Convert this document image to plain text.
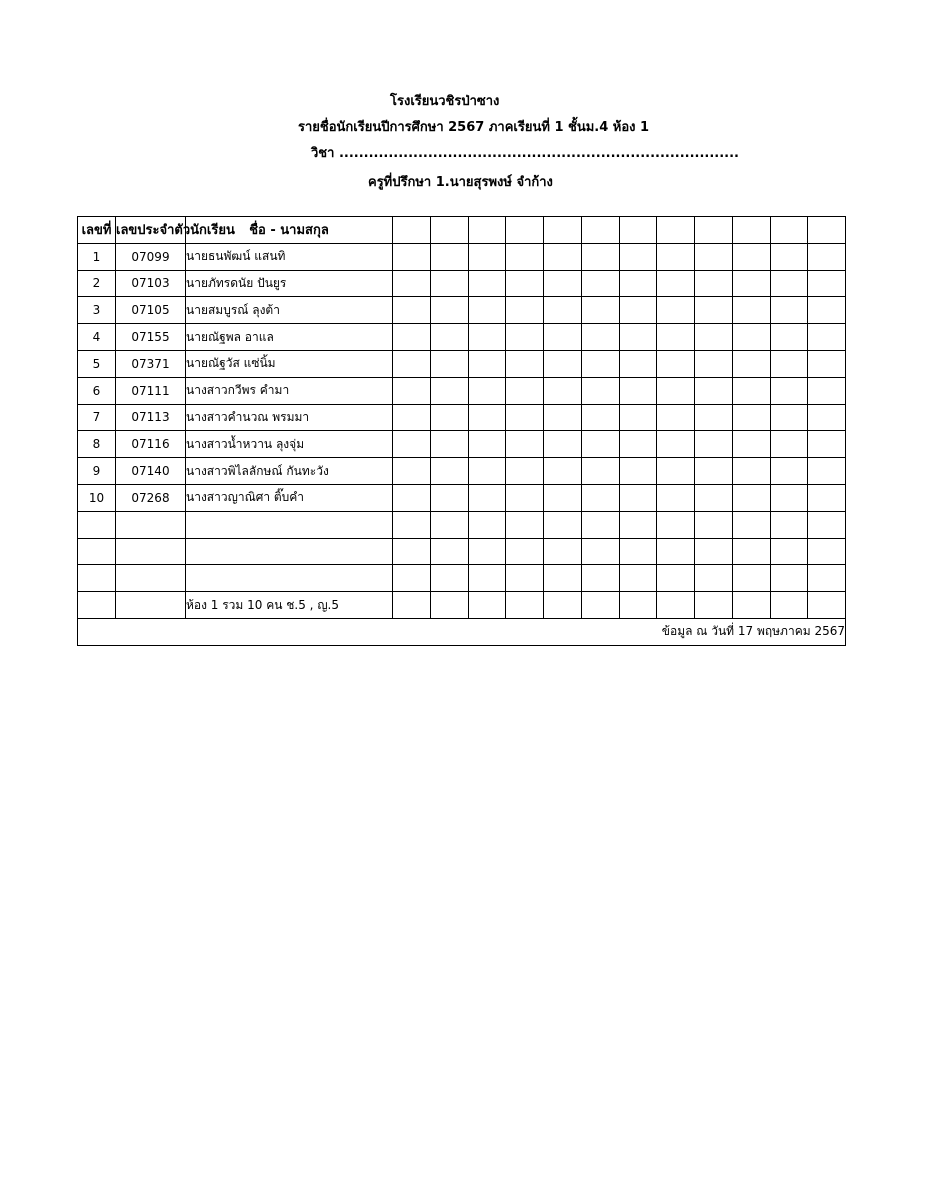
โรงเรียนวชิรป่าซาง
รายชื่อนักเรียนปีการศึกษา 2567 ภาคเรียนที่ 1 ชั้นม.4 ห้อง 1
วิชา .................................................................................
ครูที่ปรึกษา 1.นายสุรพงษ์ จำก้าง
เลขที่	เลขประจำตัวนักเรียน	ชื่อ - นามสกุล												
1	07099	นายธนพัฒน์ แสนทิ												
2	07103	นายภัทรดนัย ปันยูร												
3	07105	นายสมบูรณ์ ลุงต้า												
4	07155	นายณัฐพล อาแล												
5	07371	นายณัฐวัส แซ่นิ้ม												
6	07111	นางสาวกวีพร คำมา												
7	07113	นางสาวคำนวณ พรมมา												
8	07116	นางสาวน้ำหวาน ลุงจุ่ม												
9	07140	นางสาวพิไลลักษณ์ กันทะวัง												
10	07268	นางสาวญาณิศา ติ๊บคำ												

		ห้อง 1 รวม 10 คน ช.5 , ญ.5												
ข้อมูล ณ วันที่ 17 พฤษภาคม 2567														
